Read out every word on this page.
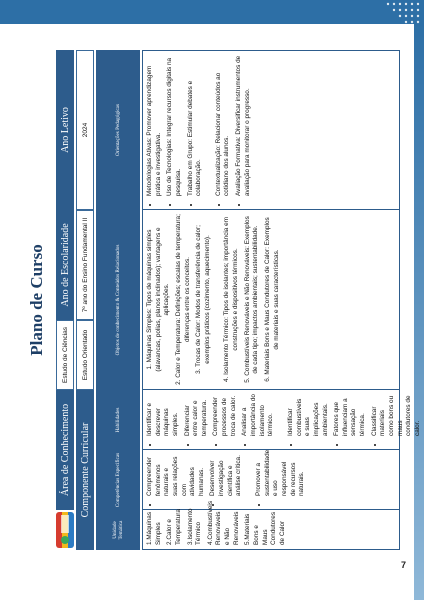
Plano de Curso
Área de Conhecimento
Estudo de Ciências
Ano de Escolaridade
Ano Letivo
Componente Curricular
Estudo Orientado
7º ano do Ensino Fundamental II
2024
Unidade Temática
Competências Específicas
Habilidades
Objetos de conhecimento & Conteúdos Relacionados
Orientações Pedagógicas

1.Máquinas Simples 2.Calor e Temperatura 3.Isolamento Térmico 4.Combustíveis Renováveis e Não Renováveis 5.Materiais Bons e Maus Condutores de Calor

• Compreender fenômenos naturais e suas relações com atividades humanas. • Desenvolver investigação científica e análise crítica. • Promover a sustentabilidade e uso responsável de recursos naturais.
• Identificar e descrever máquinas simples. • Diferenciar entre calor e temperatura. • Compreender processos de troca de calor. • Analisar a importância do isolamento térmico. • Identificar combustíveis e suas implicações ambientais. • Fatores que influenciam a sensação térmica. • Classificar materiais como bons ou maus condutores de calor.

1. Máquinas Simples: Tipos de máquinas simples (alavancas, polias, planos inclinados); vantagens e aplicações. 2. Calor e Temperatura: Definições; escalas de temperatura; diferenças entre os conceitos. 3. Trocas de Calor: Modos de transferência de calor; exemplos práticos (cozimento, aquecimento). 4. Isolamento Térmico: Tipos de isolantes; importância em construções e dispositivos térmicos. 5. Combustíveis Renováveis e Não Renováveis: Exemplos de cada tipo; impactos ambientais; sustentabilidade. 6. Materiais Bons e Maus Condutores de Calor: Exemplos de materiais e suas características.

• Metodologias Ativas: Promover aprendizagem prática e investigativa. • Uso de Tecnologias: Integrar recursos digitais na pesquisa. • Trabalho em Grupo: Estimular debates e colaboração. • Contextualização: Relacionar conteúdos ao cotidiano dos alunos. • Avaliação Formativa: Diversificar instrumentos de avaliação para monitorar o progresso.
7
